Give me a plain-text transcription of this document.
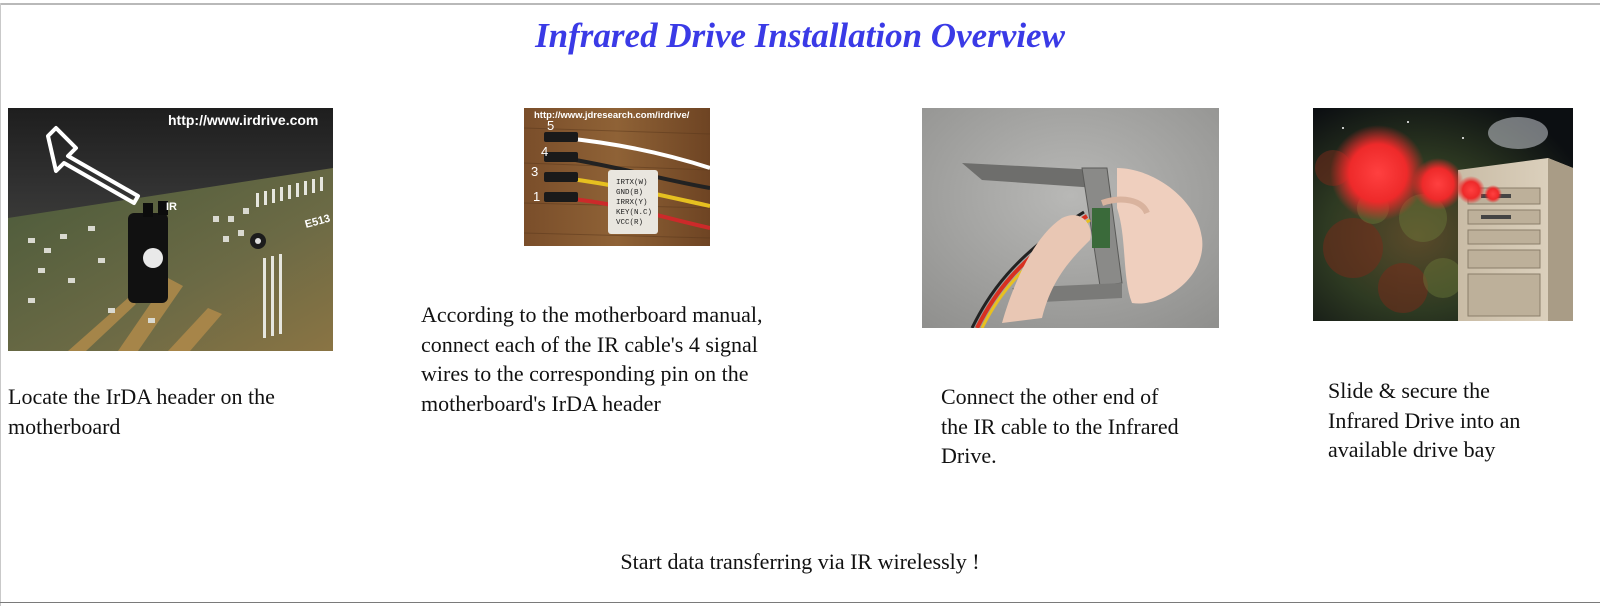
Infrared Drive Installation Overview
http://www.irdrive.com
IR
E513
IRTX(W)
GND(B)
IRRX(Y)
KEY(N.C)
VCC(R)
5
4
3
1
http://www.jdresearch.com/irdrive/
Locate the IrDA header on the
motherboard
According to the motherboard manual,
connect each of the IR cable's 4 signal
wires to the corresponding pin on the
motherboard's IrDA header	Connect the other end of
the IR cable to the Infrared
Drive.
Slide & secure the
Infrared Drive into an
available drive bay
Start data transferring via IR wirelessly !
